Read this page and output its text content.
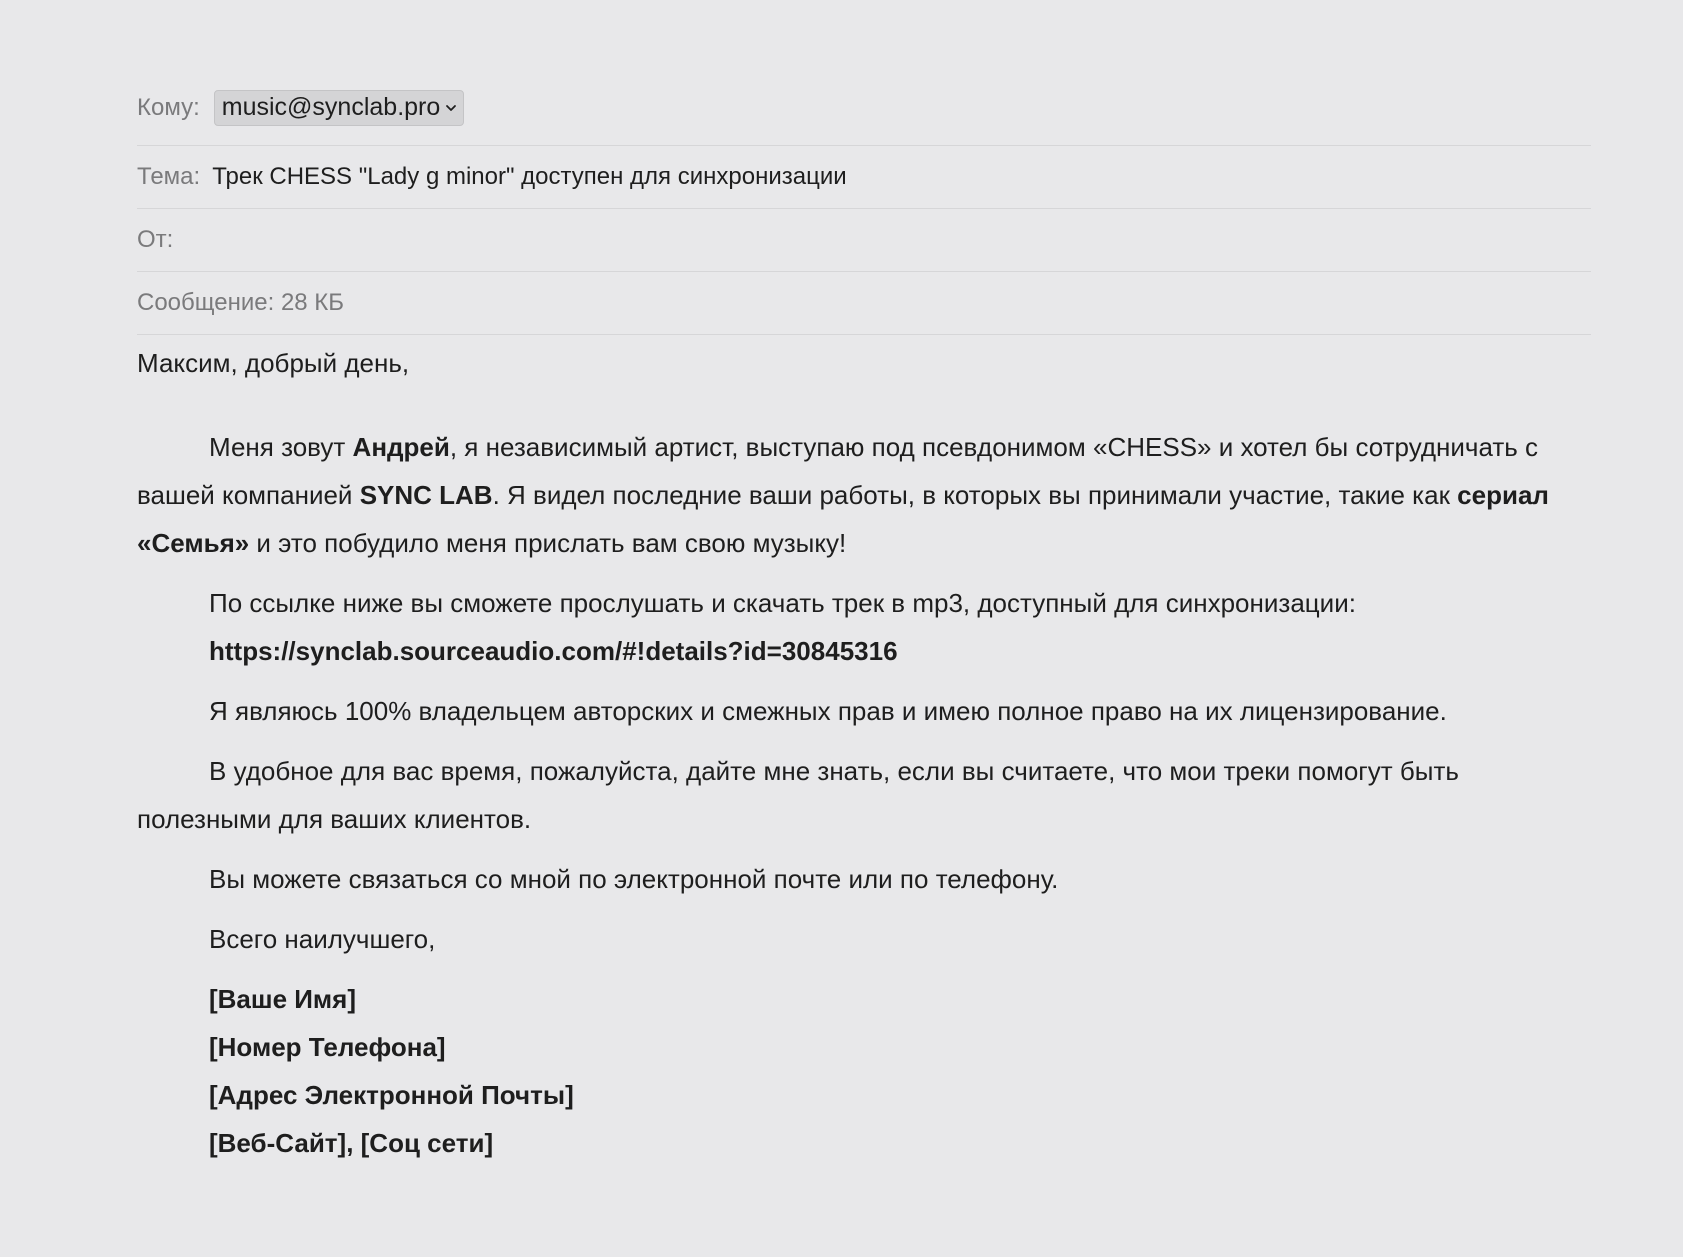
Кому: music@synclab.pro
Тема: Трек CHESS "Lady g minor" доступен для синхронизации
От:
Сообщение: 28 КБ
Максим, добрый день,

Меня зовут Андрей, я независимый артист, выступаю под псевдонимом «CHESS» и хотел бы сотрудничать с вашей компанией SYNC LAB. Я видел последние ваши работы, в которых вы принимали участие, такие как сериал «Семья» и это побудило меня прислать вам свою музыку!

По ссылке ниже вы сможете прослушать и скачать трек в mp3, доступный для синхронизации:

https://synclab.sourceaudio.com/#!details?id=30845316

Я являюсь 100% владельцем авторских и смежных прав и имею полное право на их лицензирование.

В удобное для вас время, пожалуйста, дайте мне знать, если вы считаете, что мои треки помогут быть полезными для ваших клиентов.

Вы можете связаться со мной по электронной почте или по телефону.

Всего наилучшего,

[Ваше Имя]

[Номер Телефона]

[Адрес Электронной Почты]

[Веб-Сайт], [Соц сети]
